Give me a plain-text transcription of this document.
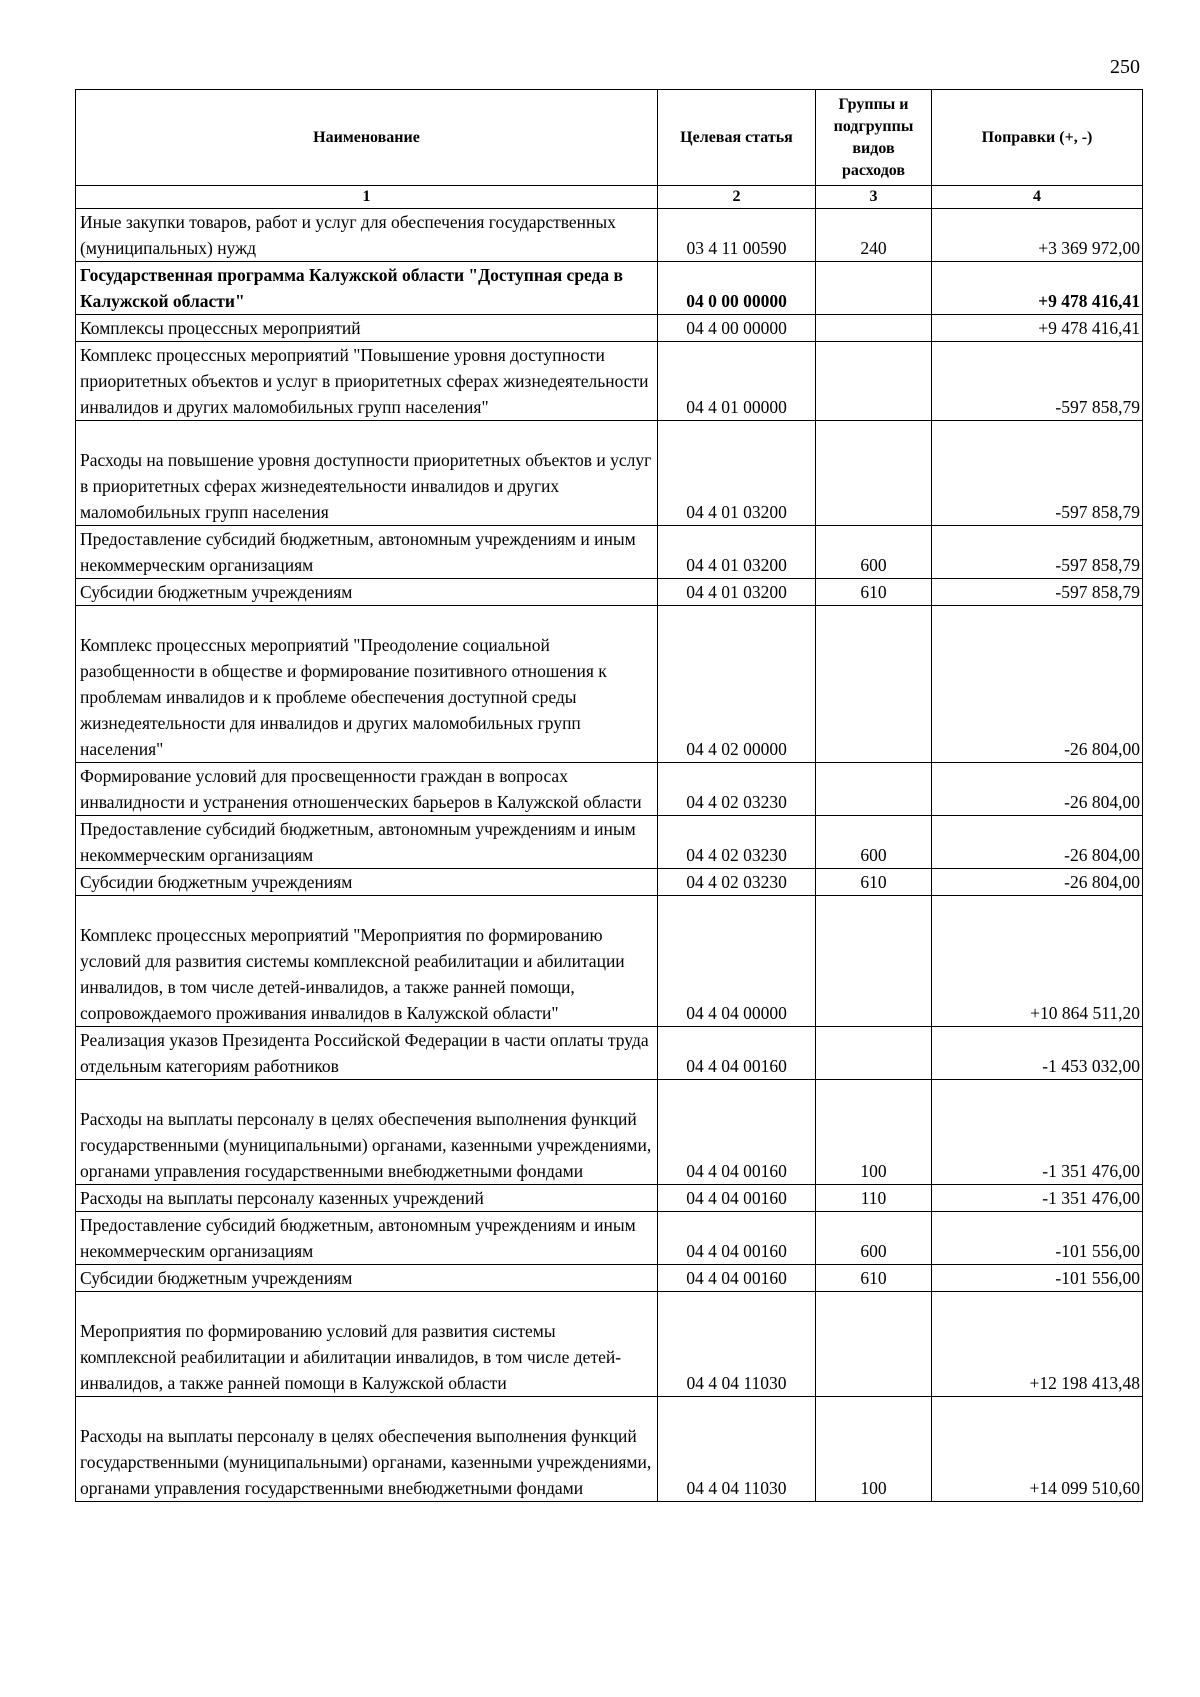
250
Наименование	Целевая статья	Группы и подгруппы видов расходов	Поправки (+, -)
1	2	3	4
Иные закупки товаров, работ и услуг для обеспечения государственных (муниципальных) нужд	03 4 11 00590	240	+3 369 972,00
Государственная программа Калужской области "Доступная среда в Калужской области"	04 0 00 00000		+9 478 416,41
Комплексы процессных мероприятий	04 4 00 00000		+9 478 416,41
Комплекс процессных мероприятий "Повышение уровня доступности приоритетных объектов и услуг в приоритетных сферах жизнедеятельности инвалидов и других маломобильных групп населения"	04 4 01 00000		-597 858,79
Расходы на повышение уровня доступности приоритетных объектов и услуг в приоритетных сферах жизнедеятельности инвалидов и других маломобильных групп населения	04 4 01 03200		-597 858,79
Предоставление субсидий бюджетным, автономным учреждениям и иным некоммерческим организациям	04 4 01 03200	600	-597 858,79
Субсидии бюджетным учреждениям	04 4 01 03200	610	-597 858,79
Комплекс процессных мероприятий "Преодоление социальной разобщенности в обществе и формирование позитивного отношения к проблемам инвалидов и к проблеме обеспечения доступной среды жизнедеятельности для инвалидов и других маломобильных групп населения"	04 4 02 00000		-26 804,00
Формирование условий для просвещенности граждан в вопросах инвалидности и устранения отношенческих барьеров в Калужской области	04 4 02 03230		-26 804,00
Предоставление субсидий бюджетным, автономным учреждениям и иным некоммерческим организациям	04 4 02 03230	600	-26 804,00
Субсидии бюджетным учреждениям	04 4 02 03230	610	-26 804,00
Комплекс процессных мероприятий "Мероприятия по формированию условий для развития системы комплексной реабилитации и абилитации инвалидов, в том числе детей-инвалидов, а также ранней помощи, сопровождаемого проживания инвалидов в Калужской области"	04 4 04 00000		+10 864 511,20
Реализация указов Президента Российской Федерации в части оплаты труда отдельным категориям работников	04 4 04 00160		-1 453 032,00
Расходы на выплаты персоналу в целях обеспечения выполнения функций государственными (муниципальными) органами, казенными учреждениями, органами управления государственными внебюджетными фондами	04 4 04 00160	100	-1 351 476,00
Расходы на выплаты персоналу казенных учреждений	04 4 04 00160	110	-1 351 476,00
Предоставление субсидий бюджетным, автономным учреждениям и иным некоммерческим организациям	04 4 04 00160	600	-101 556,00
Субсидии бюджетным учреждениям	04 4 04 00160	610	-101 556,00
Мероприятия по формированию условий для развития системы комплексной реабилитации и абилитации инвалидов, в том числе детей-инвалидов, а также ранней помощи в Калужской области	04 4 04 11030		+12 198 413,48
Расходы на выплаты персоналу в целях обеспечения выполнения функций государственными (муниципальными) органами, казенными учреждениями, органами управления государственными внебюджетными фондами	04 4 04 11030	100	+14 099 510,60
